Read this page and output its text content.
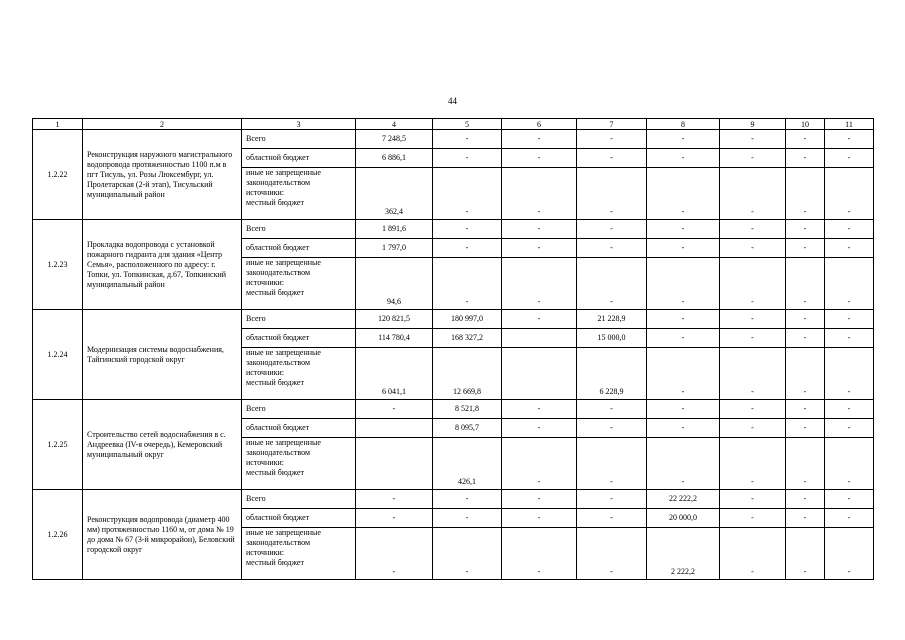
44
1	2	3	4	5	6	7	8	9	10	11
1.2.22	Реконструкция наружного магистрального водопровода протяженностью 1100 п.м в пгт Тисуль, ул. Розы Люксембург, ул. Пролетарская (2-й этап), Тисульский муниципальный район	Всего	7 248,5	-	-	-	-	-	-	-
		областной бюджет	6 886,1	-	-	-	-	-	-	-

		иные не запрещенные
законодательством
источники:
местный бюджет	362,4	-	-	-	-	-	-	-
1.2.23	Прокладка водопровода с установкой пожарного гидранта для здания «Центр Семья», расположенного по адресу: г. Топки, ул. Топкинская, д.67, Топкинский муниципальный район	Всего	1 891,6	-	-	-	-	-	-	-
		областной бюджет	1 797,0	-	-	-	-	-	-	-

		иные не запрещенные
законодательством
источники:
местный бюджет	94,6	-	-	-	-	-	-	-
1.2.24	Модернизация системы водоснабжения, Тайгинский городской округ	Всего	120 821,5	180 997,0	-	21 228,9	-	-	-	-
		областной бюджет	114 780,4	168 327,2		15 000,0	-	-	-	-

		иные не запрещенные
законодательством
источники:
местный бюджет	6 041,1	12 669,8		6 228,9	-	-	-	-
1.2.25	Строительство сетей водоснабжения в с. Андреевка (IV-я очередь), Кемеровский муниципальный округ	Всего	-	8 521,8	-	-	-	-	-	-
		областной бюджет		8 095,7	-	-	-	-	-	-

		иные не запрещенные
законодательством
источники:
местный бюджет		426,1	-	-	-	-	-	-
1.2.26	Реконструкция водопровода (диаметр 400 мм) протяженностью 1160 м, от дома № 19 до дома № 67 (3-й микрорайон), Беловский городской округ	Всего	-	-	-	-	22 222,2	-	-	-
		областной бюджет	-	-	-	-	20 000,0	-	-	-

		иные не запрещенные
законодательством
источники:
местный бюджет	-	-	-	-	2 222,2	-	-	-
